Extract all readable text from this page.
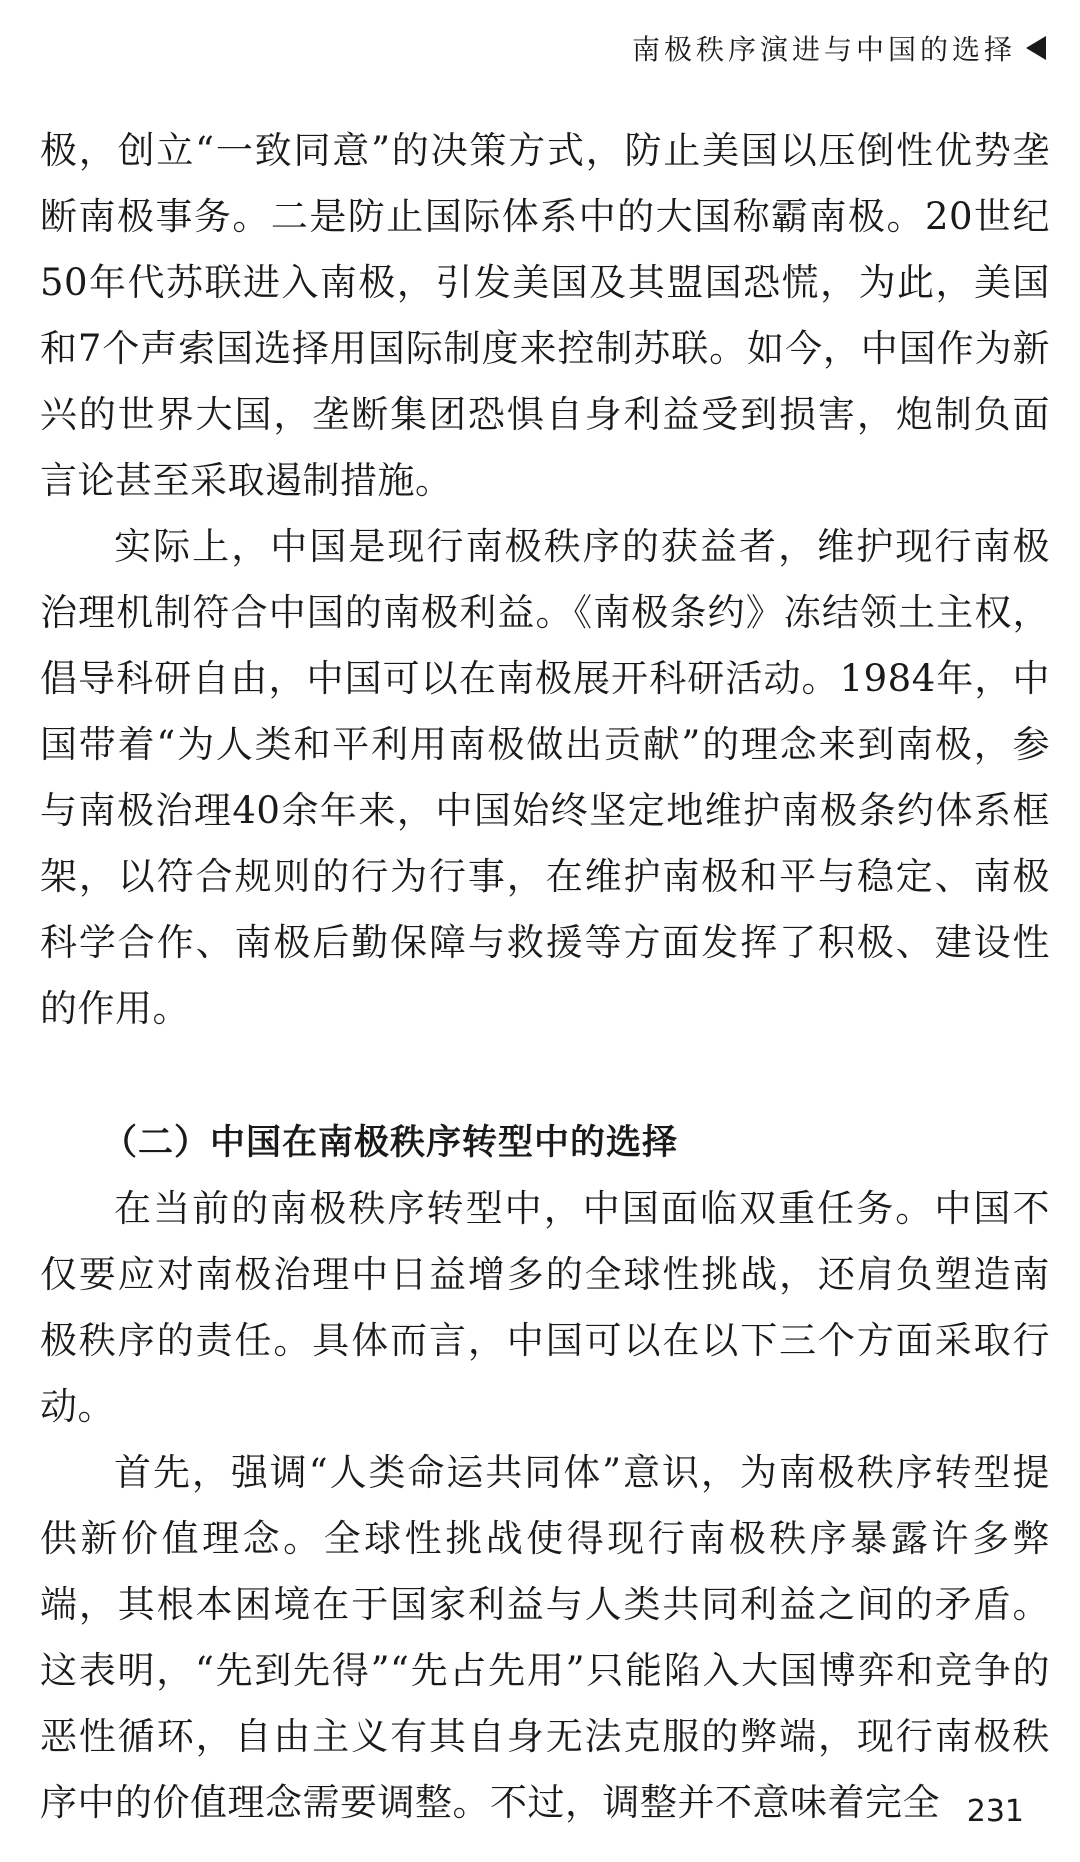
南极秩序演进与中国的选择

极，创立“一致同意”的决策方式，防止美国以压倒性优势垄断南极事务。二是防止国际体系中的大国称霸南极。20世纪50年代苏联进入南极，引发美国及其盟国恐慌，为此，美国和7个声索国选择用国际制度来控制苏联。如今，中国作为新兴的世界大国，垄断集团恐惧自身利益受到损害，炮制负面言论甚至采取遏制措施。

实际上，中国是现行南极秩序的获益者，维护现行南极治理机制符合中国的南极利益。《南极条约》冻结领土主权，倡导科研自由，中国可以在南极展开科研活动。1984年，中国带着“为人类和平利用南极做出贡献”的理念来到南极，参与南极治理40余年来，中国始终坚定地维护南极条约体系框架，以符合规则的行为行事，在维护南极和平与稳定、南极科学合作、南极后勤保障与救援等方面发挥了积极、建设性的作用。

（二）中国在南极秩序转型中的选择

在当前的南极秩序转型中，中国面临双重任务。中国不仅要应对南极治理中日益增多的全球性挑战，还肩负塑造南极秩序的责任。具体而言，中国可以在以下三个方面采取行动。

首先，强调“人类命运共同体”意识，为南极秩序转型提供新价值理念。全球性挑战使得现行南极秩序暴露许多弊端，其根本困境在于国家利益与人类共同利益之间的矛盾。这表明，“先到先得”“先占先用”只能陷入大国博弈和竞争的恶性循环，自由主义有其自身无法克服的弊端，现行南极秩序中的价值理念需要调整。不过，调整并不意味着完全 231
